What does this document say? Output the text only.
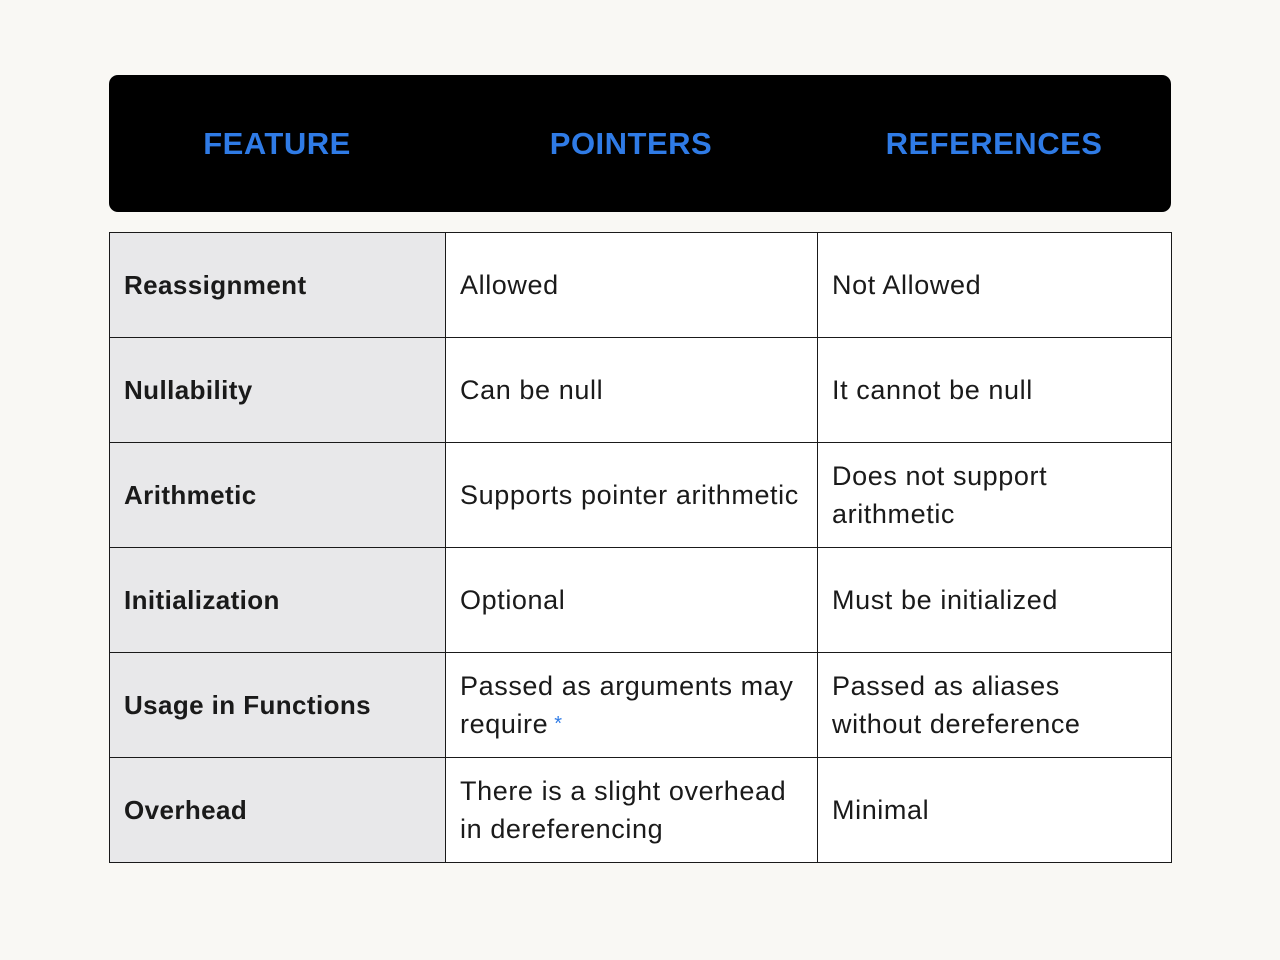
FEATURE	POINTERS	REFERENCES
Reassignment	Allowed	Not Allowed
Nullability	Can be null	It cannot be null
Arithmetic	Supports pointer arithmetic	Does not support arithmetic
Initialization	Optional	Must be initialized
Usage in Functions	Passed as arguments may require *	Passed as aliases without dereference
Overhead	There is a slight overhead in dereferencing	Minimal
